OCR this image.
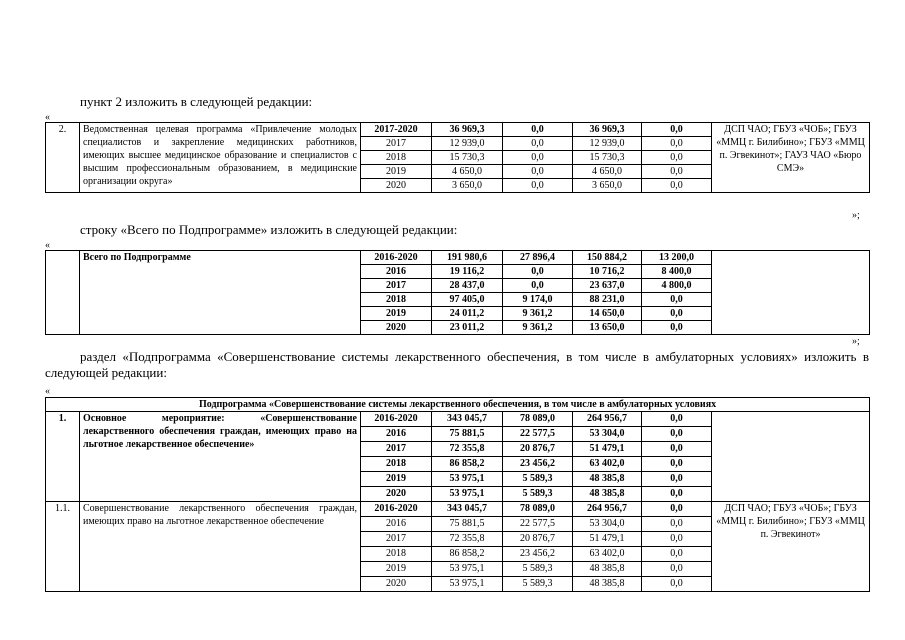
пункт 2 изложить в следующей редакции:
«
2.	Ведомственная целевая программа «Привлечение молодых специалистов и закрепление медицинских работников, имеющих высшее медицинское образование и специалистов с высшим профессиональным образованием, в медицинские организации округа»	2017-2020	36 969,3	0,0	36 969,3	0,0	ДСП ЧАО; ГБУЗ «ЧОБ»; ГБУЗ «ММЦ г. Билибино»; ГБУЗ «ММЦ п. Эгвекинот»; ГАУЗ ЧАО «Бюро СМЭ»
		2017	12 939,0	0,0	12 939,0	0,0	
		2018	15 730,3	0,0	15 730,3	0,0	
		2019	4 650,0	0,0	4 650,0	0,0	
		2020	3 650,0	0,0	3 650,0	0,0	
»;
строку «Всего по Подпрограмме» изложить в следующей редакции:
«
	Всего по Подпрограмме	2016-2020	191 980,6	27 896,4	150 884,2	13 200,0	
		2016	19 116,2	0,0	10 716,2	8 400,0	
		2017	28 437,0	0,0	23 637,0	4 800,0	
		2018	97 405,0	9 174,0	88 231,0	0,0	
		2019	24 011,2	9 361,2	14 650,0	0,0	
		2020	23 011,2	9 361,2	13 650,0	0,0	
»;
раздел «Подпрограмма «Совершенствование системы лекарственного обеспечения, в том числе в амбулаторных условиях» изложить в следующей редакции:
«
Подпрограмма «Совершенствование системы лекарственного обеспечения, в том числе в амбулаторных условиях							
1.	Основное мероприятие: «Совершенствование лекарственного обеспечения граждан, имеющих право на льготное лекарственное обеспечение»	2016-2020	343 045,7	78 089,0	264 956,7	0,0	
		2016	75 881,5	22 577,5	53 304,0	0,0	
		2017	72 355,8	20 876,7	51 479,1	0,0	
		2018	86 858,2	23 456,2	63 402,0	0,0	
		2019	53 975,1	5 589,3	48 385,8	0,0	
		2020	53 975,1	5 589,3	48 385,8	0,0	
1.1.	Совершенствование лекарственного обеспечения граждан, имеющих право на льготное лекарственное обеспечение	2016-2020	343 045,7	78 089,0	264 956,7	0,0	ДСП ЧАО; ГБУЗ «ЧОБ»; ГБУЗ «ММЦ г. Билибино»; ГБУЗ «ММЦ п. Эгвекинот»
		2016	75 881,5	22 577,5	53 304,0	0,0	
		2017	72 355,8	20 876,7	51 479,1	0,0	
		2018	86 858,2	23 456,2	63 402,0	0,0	
		2019	53 975,1	5 589,3	48 385,8	0,0	
		2020	53 975,1	5 589,3	48 385,8	0,0	
